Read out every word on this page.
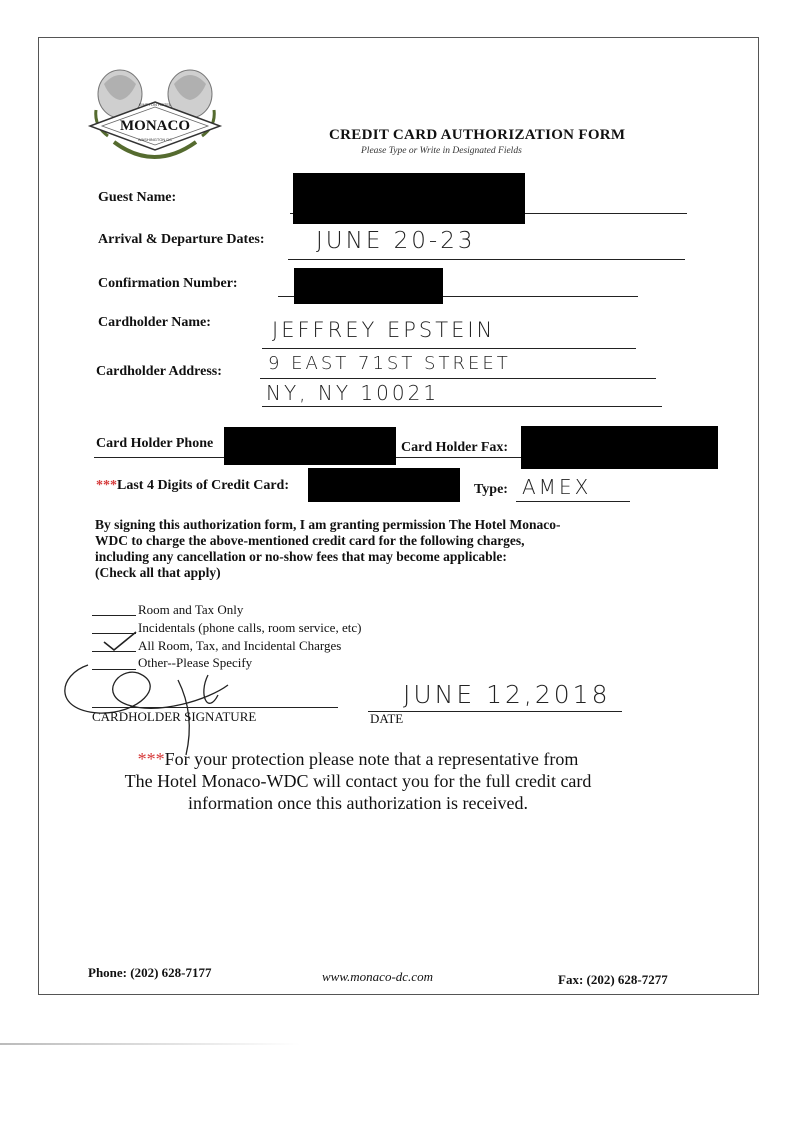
KIMPTON HOTEL
MONACO
WASHINGTON DC	CREDIT CARD AUTHORIZATION FORM
Please Type or Write in Designated Fields
Guest Name:
Arrival & Departure Dates: JUNE 20-23
Confirmation Number:
Cardholder Name:	JEFFREY EPSTEIN
Cardholder Address:	9 EAST 71ST STREET
NY, NY 10021
Card Holder Phone	Card Holder Fax:
***Last 4 Digits of Credit Card:	Type: AMEX
By signing this authorization form, I am granting permission The Hotel Monaco-
WDC to charge the above-mentioned credit card for the following charges,
including any cancellation or no-show fees that may become applicable:
(Check all that apply)
Room and Tax Only
Incidentals (phone calls, room service, etc)
All Room, Tax, and Incidental Charges
Other--Please Specify
CARDHOLDER SIGNATURE	DATE
JUNE 12,2018
***For your protection please note that a representative from
The Hotel Monaco-WDC will contact you for the full credit card
information once this authorization is received.
Phone: (202) 628-7177	www.monaco-dc.com	Fax: (202) 628-7277
